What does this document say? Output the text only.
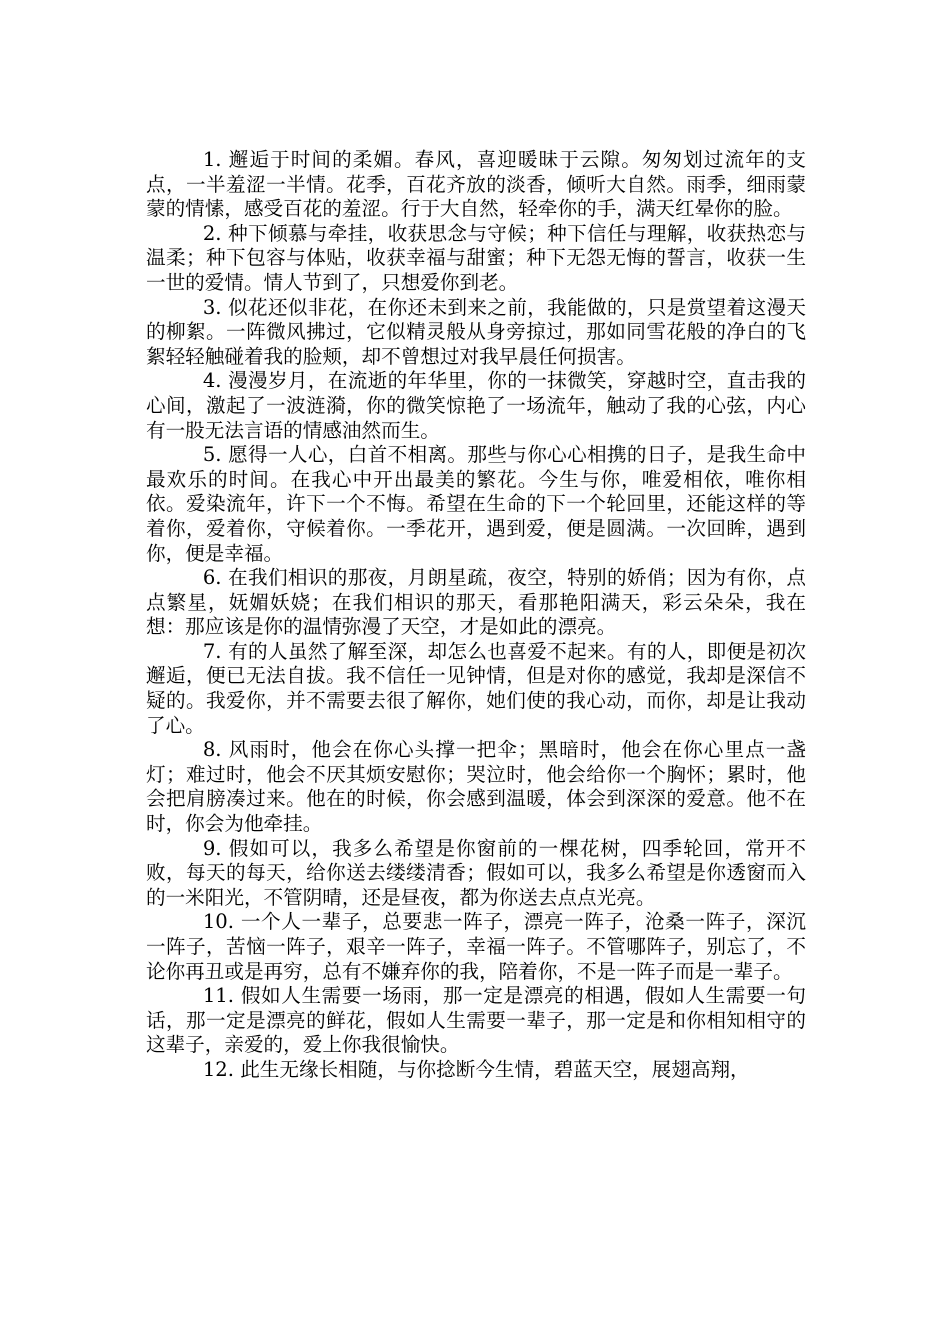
1. 邂逅于时间的柔媚。春风，喜迎暖昧于云隙。匆匆划过流年的支点，一半羞涩一半情。花季，百花齐放的淡香，倾听大自然。雨季，细雨蒙蒙的情愫，感受百花的羞涩。行于大自然，轻牵你的手，满天红晕你的脸。

2. 种下倾慕与牵挂，收获思念与守候；种下信任与理解，收获热恋与温柔；种下包容与体贴，收获幸福与甜蜜；种下无怨无悔的誓言，收获一生一世的爱情。情人节到了，只想爱你到老。

3. 似花还似非花，在你还未到来之前，我能做的，只是赏望着这漫天的柳絮。一阵微风拂过，它似精灵般从身旁掠过，那如同雪花般的净白的飞絮轻轻触碰着我的脸颊，却不曾想过对我早晨任何损害。

4. 漫漫岁月，在流逝的年华里，你的一抹微笑，穿越时空，直击我的心间，激起了一波涟漪，你的微笑惊艳了一场流年，触动了我的心弦，内心有一股无法言语的情感油然而生。

5. 愿得一人心，白首不相离。那些与你心心相携的日子，是我生命中最欢乐的时间。在我心中开出最美的繁花。今生与你，唯爱相依，唯你相依。爱染流年，许下一个不悔。希望在生命的下一个轮回里，还能这样的等着你，爱着你，守候着你。一季花开，遇到爱，便是圆满。一次回眸，遇到你，便是幸福。

6. 在我们相识的那夜，月朗星疏，夜空，特别的娇俏；因为有你，点点繁星，妩媚妖娆；在我们相识的那天，看那艳阳满天，彩云朵朵，我在想：那应该是你的温情弥漫了天空，才是如此的漂亮。

7. 有的人虽然了解至深，却怎么也喜爱不起来。有的人，即便是初次邂逅，便已无法自拔。我不信任一见钟情，但是对你的感觉，我却是深信不疑的。我爱你，并不需要去很了解你，她们使的我心动，而你，却是让我动了心。

8. 风雨时，他会在你心头撑一把伞；黑暗时，他会在你心里点一盏灯；难过时，他会不厌其烦安慰你；哭泣时，他会给你一个胸怀；累时，他会把肩膀凑过来。他在的时候，你会感到温暖，体会到深深的爱意。他不在时，你会为他牵挂。

9. 假如可以，我多么希望是你窗前的一棵花树，四季轮回，常开不败，每天的每天，给你送去缕缕清香；假如可以，我多么希望是你透窗而入的一米阳光，不管阴晴，还是昼夜，都为你送去点点光亮。

10. 一个人一辈子，总要悲一阵子，漂亮一阵子，沧桑一阵子，深沉一阵子，苦恼一阵子，艰辛一阵子，幸福一阵子。不管哪阵子，别忘了，不论你再丑或是再穷，总有不嫌弃你的我，陪着你，不是一阵子而是一辈子。

11. 假如人生需要一场雨，那一定是漂亮的相遇，假如人生需要一句话，那一定是漂亮的鲜花，假如人生需要一辈子，那一定是和你相知相守的这辈子，亲爱的，爱上你我很愉快。

12. 此生无缘长相随，与你捻断今生情，碧蓝天空，展翅高翔，
